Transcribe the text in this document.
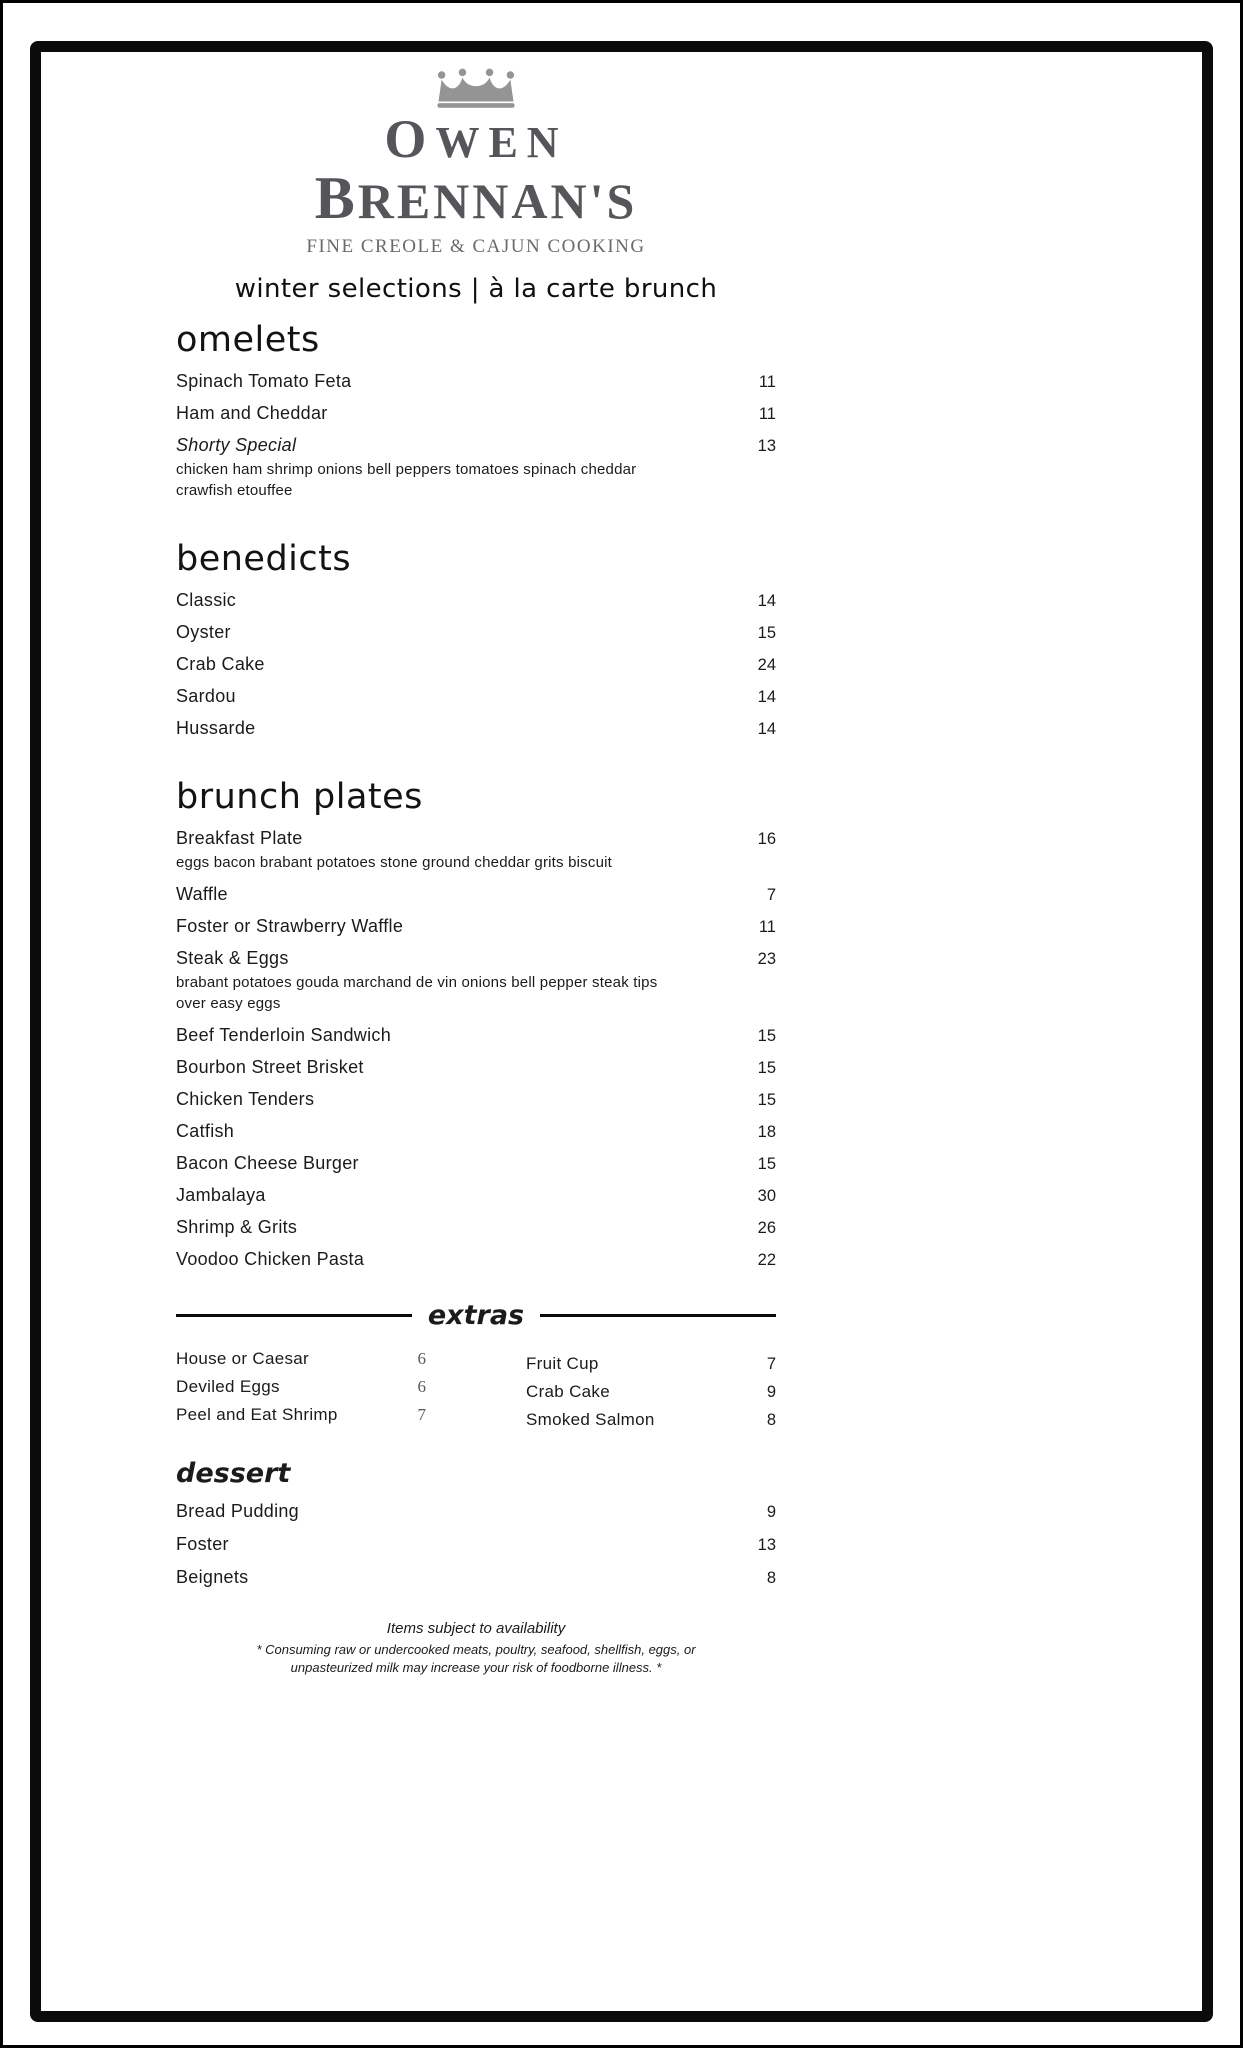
OWEN
BRENNAN'S
FINE CREOLE & CAJUN COOKING
winter selections | à la carte brunch
omelets
Spinach Tomato Feta	11
Ham and Cheddar	11
Shorty Special	13
chicken ham shrimp onions bell peppers tomatoes spinach cheddar crawfish etouffee
benedicts
Classic	14
Oyster	15
Crab Cake	24
Sardou	14
Hussarde	14
brunch plates
Breakfast Plate	16
eggs bacon brabant potatoes stone ground cheddar grits biscuit
Waffle	7
Foster or Strawberry Waffle	11
Steak & Eggs	23
brabant potatoes gouda marchand de vin onions bell pepper steak tips over easy eggs
Beef Tenderloin Sandwich	15
Bourbon Street Brisket	15
Chicken Tenders	15
Catfish	18
Bacon Cheese Burger	15
Jambalaya	30
Shrimp & Grits	26
Voodoo Chicken Pasta	22
extras
House or Caesar	6
Deviled Eggs	6
Peel and Eat Shrimp	7
Fruit Cup	7
Crab Cake	9
Smoked Salmon	8
dessert
Bread Pudding	9
Foster	13
Beignets	8
Items subject to availability
* Consuming raw or undercooked meats, poultry, seafood, shellfish, eggs, or unpasteurized milk may increase your risk of foodborne illness. *
